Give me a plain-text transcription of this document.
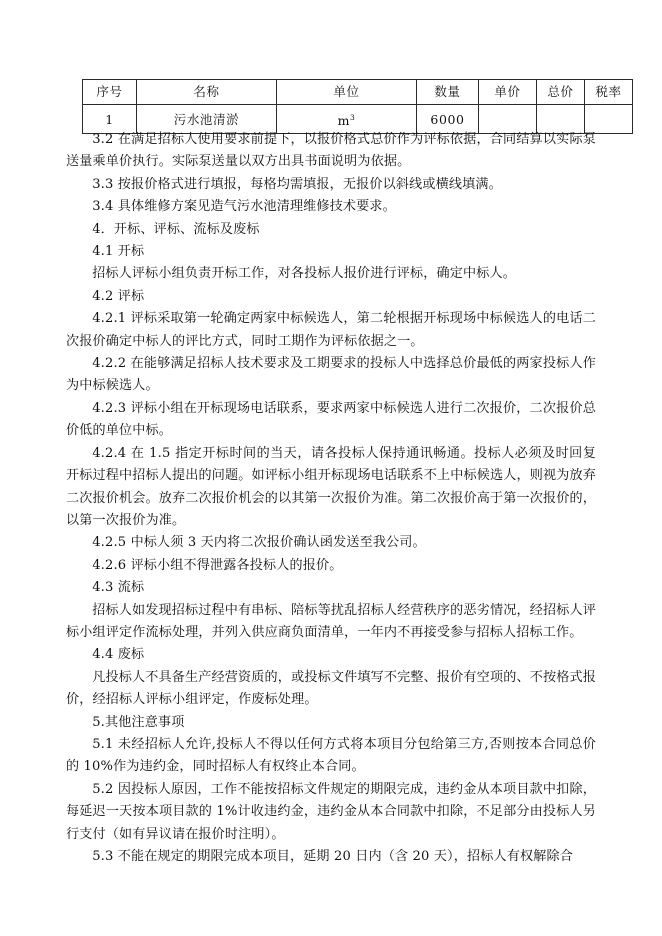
序号	名称	单位	数量	单价	总价	税率
1	污水池清淤	$m^3$	6000			

3.2 在满足招标人使用要求前提下，以报价格式总价作为评标依据，合同结算以实际泵送量乘单价执行。实际泵送量以双方出具书面说明为依据。

3.3 按报价格式进行填报，每格均需填报，无报价以斜线或横线填满。

3.4 具体维修方案见造气污水池清理维修技术要求。

4．开标、评标、流标及废标

4.1 开标

招标人评标小组负责开标工作，对各投标人报价进行评标，确定中标人。

4.2 评标

4.2.1 评标采取第一轮确定两家中标候选人，第二轮根据开标现场中标候选人的电话二次报价确定中标人的评比方式，同时工期作为评标依据之一。

4.2.2 在能够满足招标人技术要求及工期要求的投标人中选择总价最低的两家投标人作为中标候选人。

4.2.3 评标小组在开标现场电话联系，要求两家中标候选人进行二次报价，二次报价总价低的单位中标。

4.2.4 在 1.5 指定开标时间的当天，请各投标人保持通讯畅通。投标人必须及时回复开标过程中招标人提出的问题。如评标小组开标现场电话联系不上中标候选人，则视为放弃二次报价机会。放弃二次报价机会的以其第一次报价为准。第二次报价高于第一次报价的，以第一次报价为准。

4.2.5 中标人须 3 天内将二次报价确认函发送至我公司。

4.2.6 评标小组不得泄露各投标人的报价。

4.3 流标

招标人如发现招标过程中有串标、陪标等扰乱招标人经营秩序的恶劣情况，经招标人评标小组评定作流标处理，并列入供应商负面清单，一年内不再接受参与招标人招标工作。

4.4 废标

凡投标人不具备生产经营资质的，或投标文件填写不完整、报价有空项的、不按格式报价，经招标人评标小组评定，作废标处理。

5.其他注意事项

5.1 未经招标人允许,投标人不得以任何方式将本项目分包给第三方,否则按本合同总价的 10%作为违约金，同时招标人有权终止本合同。

5.2 因投标人原因，工作不能按招标文件规定的期限完成，违约金从本项目款中扣除，每延迟一天按本项目款的 1%计收违约金，违约金从本合同款中扣除，不足部分由投标人另行支付（如有异议请在报价时注明）。

5.3 不能在规定的期限完成本项目，延期 20 日内（含 20 天），招标人有权解除合
